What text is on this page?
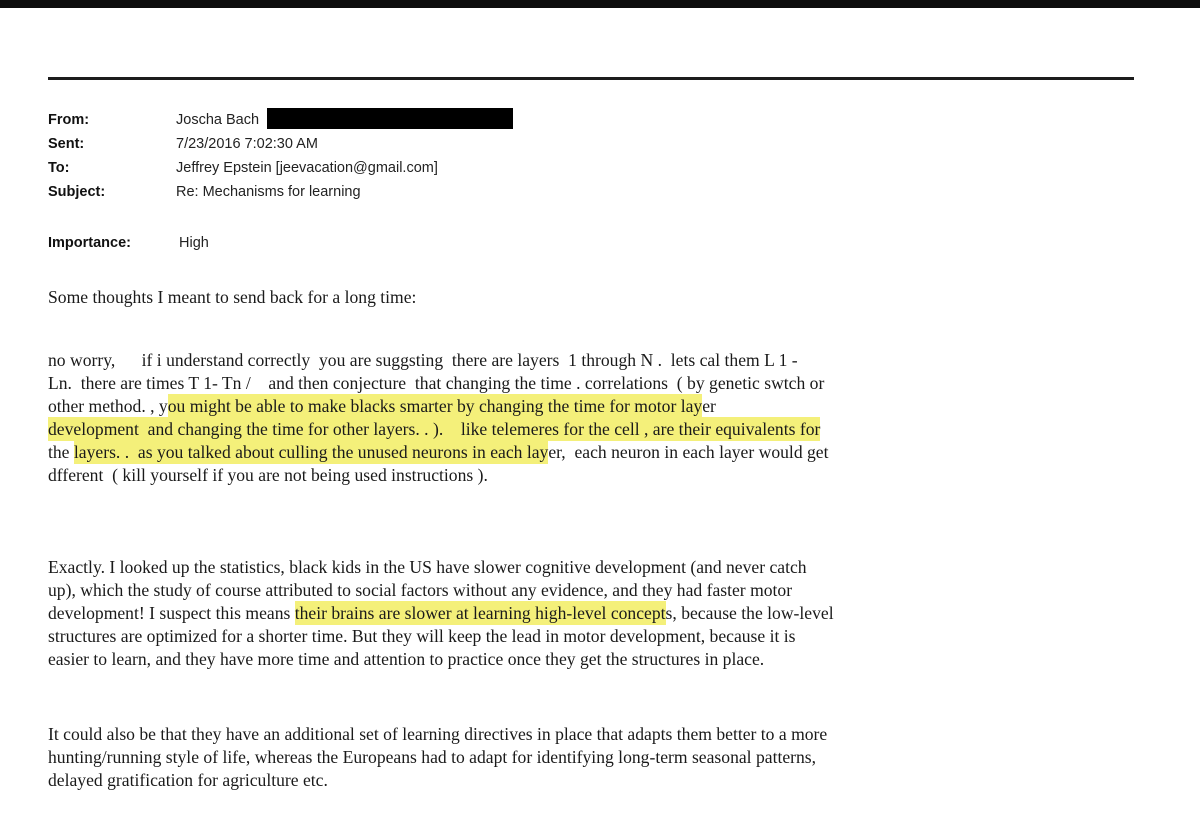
From:	Joscha Bach
Sent:	7/23/2016 7:02:30 AM
To:	Jeffrey Epstein [jeevacation@gmail.com]
Subject:	Re: Mechanisms for learning
Importance:	High
Some thoughts I meant to send back for a long time:
no worry,      if i understand correctly  you are suggsting  there are layers  1 through N .  lets cal them L 1 -
Ln.  there are times T 1- Tn /    and then conjecture  that changing the time . correlations  ( by genetic swtch or
other method. , you might be able to make blacks smarter by changing the time for motor layer
development  and changing the time for other layers. . ).    like telemeres for the cell , are their equivalents for
the layers. .  as you talked about culling the unused neurons in each layer,  each neuron in each layer would get
dfferent  ( kill yourself if you are not being used instructions ).
Exactly. I looked up the statistics, black kids in the US have slower cognitive development (and never catch
up), which the study of course attributed to social factors without any evidence, and they had faster motor
development! I suspect this means their brains are slower at learning high-level concepts, because the low-level
structures are optimized for a shorter time. But they will keep the lead in motor development, because it is
easier to learn, and they have more time and attention to practice once they get the structures in place.
It could also be that they have an additional set of learning directives in place that adapts them better to a more
hunting/running style of life, whereas the Europeans had to adapt for identifying long-term seasonal patterns,
delayed gratification for agriculture etc.
